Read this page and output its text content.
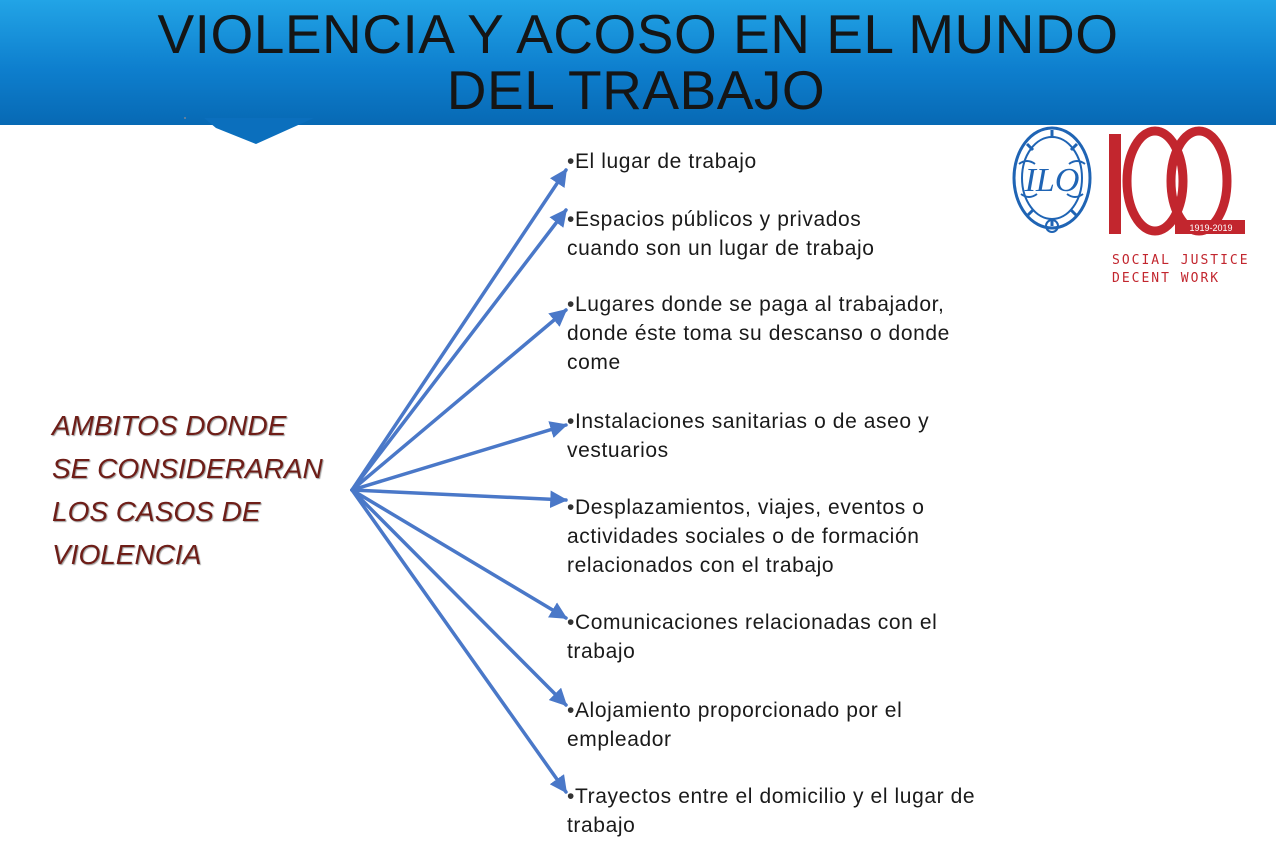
VIOLENCIA Y ACOSO EN EL MUNDO
DEL TRABAJO
AMBITOS DONDE
SE CONSIDERARAN
LOS CASOS DE
VIOLENCIA
•El lugar de trabajo
•Espacios públicos y privados
cuando son un lugar de trabajo
•Lugares donde se paga al trabajador,
donde éste toma su descanso o donde
come
•Instalaciones sanitarias o de aseo y
vestuarios
•Desplazamientos, viajes, eventos o
actividades sociales o de formación
relacionados con el trabajo
•Comunicaciones relacionadas con el
trabajo
•Alojamiento proporcionado por el
empleador
•Trayectos entre el domicilio y el lugar de
trabajo
ILO
1919-2019
SOCIAL JUSTICE
DECENT WORK
